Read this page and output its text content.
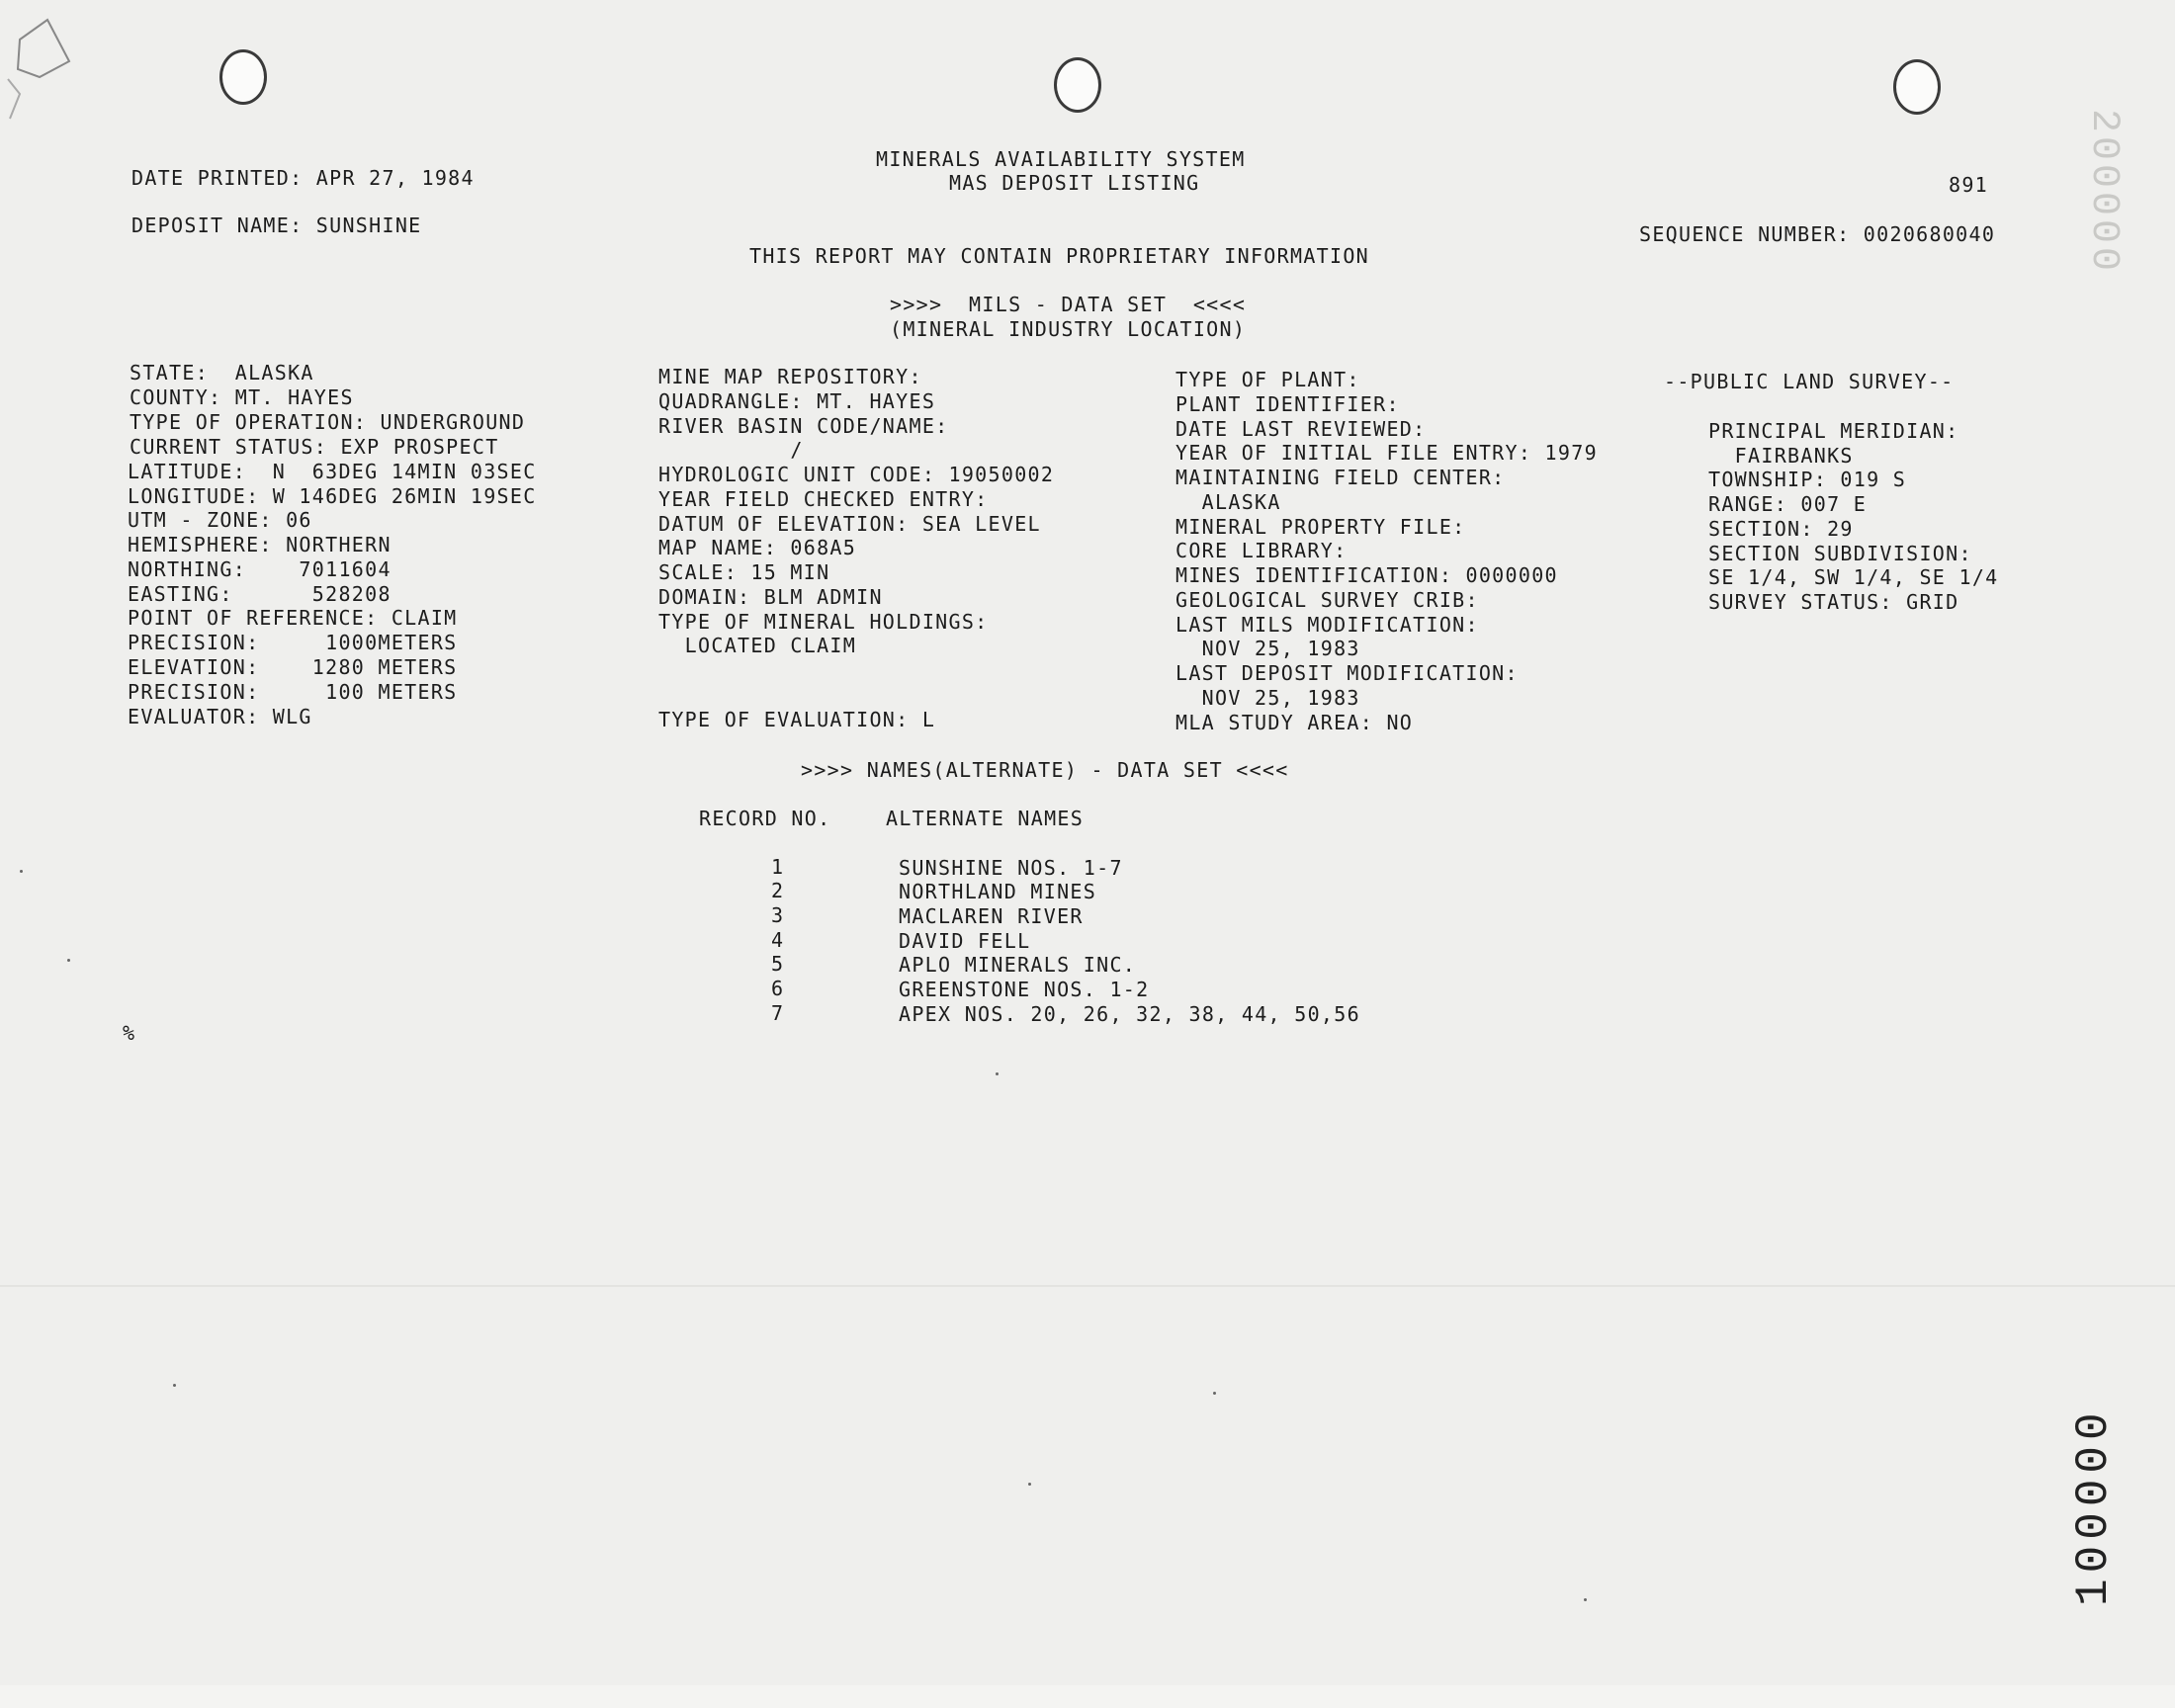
200000
100000
DATE PRINTED: APR 27, 1984
MINERALS AVAILABILITY SYSTEM
MAS DEPOSIT LISTING	891
DEPOSIT NAME: SUNSHINE	SEQUENCE NUMBER: 0020680040
THIS REPORT MAY CONTAIN PROPRIETARY INFORMATION
>>>>  MILS - DATA SET  <<<<
(MINERAL INDUSTRY LOCATION)
STATE:  ALASKA
COUNTY: MT. HAYES
TYPE OF OPERATION: UNDERGROUND
CURRENT STATUS: EXP PROSPECT
LATITUDE:  N  63DEG 14MIN 03SEC
LONGITUDE: W 146DEG 26MIN 19SEC
UTM - ZONE: 06
HEMISPHERE: NORTHERN
NORTHING:    7011604
EASTING:      528208
POINT OF REFERENCE: CLAIM
PRECISION:     1000METERS
ELEVATION:    1280 METERS
PRECISION:     100 METERS
EVALUATOR: WLG
MINE MAP REPOSITORY:
QUADRANGLE: MT. HAYES
RIVER BASIN CODE/NAME:
/
HYDROLOGIC UNIT CODE: 19050002
YEAR FIELD CHECKED ENTRY:
DATUM OF ELEVATION: SEA LEVEL
MAP NAME: 068A5
SCALE: 15 MIN
DOMAIN: BLM ADMIN
TYPE OF MINERAL HOLDINGS:
LOCATED CLAIM
TYPE OF EVALUATION: L
TYPE OF PLANT:
PLANT IDENTIFIER:
DATE LAST REVIEWED:
YEAR OF INITIAL FILE ENTRY: 1979
MAINTAINING FIELD CENTER:
ALASKA
MINERAL PROPERTY FILE:
CORE LIBRARY:
MINES IDENTIFICATION: 0000000
GEOLOGICAL SURVEY CRIB:
LAST MILS MODIFICATION:
NOV 25, 1983
LAST DEPOSIT MODIFICATION:
NOV 25, 1983
MLA STUDY AREA: NO
--PUBLIC LAND SURVEY--
PRINCIPAL MERIDIAN:
FAIRBANKS
TOWNSHIP: 019 S
RANGE: 007 E
SECTION: 29
SECTION SUBDIVISION:
SE 1/4, SW 1/4, SE 1/4
SURVEY STATUS: GRID
>>>> NAMES(ALTERNATE) - DATA SET <<<<
RECORD NO.	ALTERNATE NAMES
1	SUNSHINE NOS. 1-7
2	NORTHLAND MINES
3	MACLAREN RIVER
4	DAVID FELL
5	APLO MINERALS INC.
6	GREENSTONE NOS. 1-2
7	APEX NOS. 20, 26, 32, 38, 44, 50,56
%
